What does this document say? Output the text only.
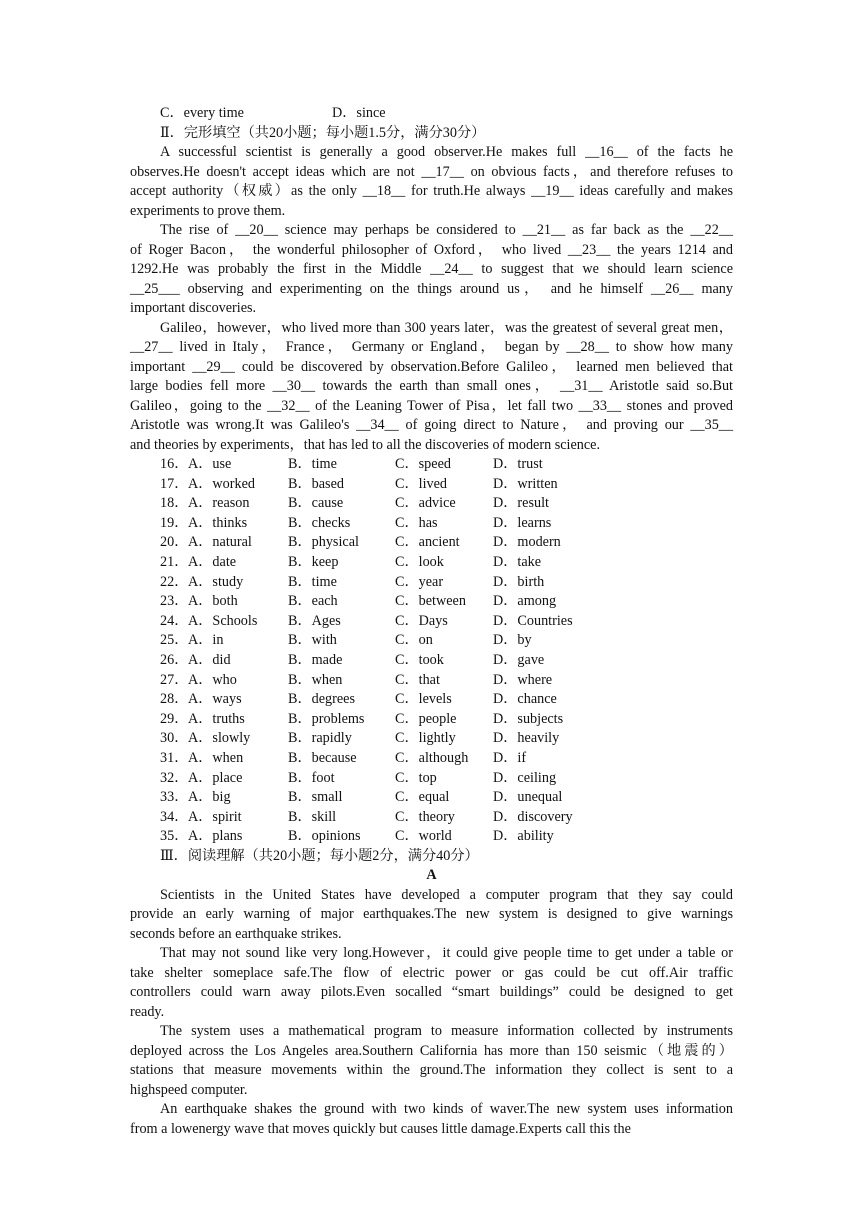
C．every time	D．since
Ⅱ．完形填空（共20小题；每小题1.5分，满分30分）
A successful scientist is generally a good observer.He makes full __16__ of the facts he
observes.He doesn't accept ideas which are not __17__ on obvious facts，and therefore refuses to
accept authority（权威）as the only __18__ for truth.He always __19__ ideas carefully and makes
experiments to prove them.
The rise of __20__ science may perhaps be considered to __21__ as far back as the __22__
of Roger Bacon， the wonderful philosopher of Oxford， who lived __23__ the years 1214 and
1292.He was probably the first in the Middle __24__ to suggest that we should learn science
__25___ observing and experimenting on the things around us， and he himself __26__ many
important discoveries.
Galileo，however，who lived more than 300 years later，was the greatest of several great men，
__27__ lived in Italy， France， Germany or England， began by __28__ to show how many
important __29__ could be discovered by observation.Before Galileo， learned men believed that
large bodies fell more __30__ towards the earth than small ones， __31__ Aristotle said so.But
Galileo，going to the __32__ of the Leaning Tower of Pisa，let fall two __33__ stones and proved
Aristotle was wrong.It was Galileo's __34__ of going direct to Nature， and proving our __35__
and theories by experiments，that has led to all the discoveries of modern science.
16． A．use	B．time	C．speed	D．trust
17． A．worked B．based	C．lived	D．written
18． A．reason	B．cause	C．advice	D．result
19． A．thinks	B．checks	C．has	D．learns
20． A．natural	B．physical	C．ancient D．modern
21． A．date	B．keep	C．look	D．take
22． A．study	B．time	C．year	D．birth
23． A．both	B．each	C．between D．among
24． A．Schools B．Ages	C．Days	D．Countries
25． A．in	B．with	C．on	D．by
26． A．did	B．made	C．took	D．gave
27． A．who	B．when	C．that	D．where
28． A．ways	B．degrees	C．levels	D．chance
29． A．truths	B．problems C．people	D．subjects
30． A．slowly	B．rapidly	C．lightly	D．heavily
31． A．when	B．because	C．although D．if
32． A．place	B．foot	C．top	D．ceiling
33． A．big	B．small	C．equal	D．unequal
34． A．spirit	B．skill	C．theory	D．discovery
35． A．plans	B．opinions C．world	D．ability
Ⅲ．阅读理解（共20小题；每小题2分，满分40分）
A
Scientists in the United States have developed a computer program that they say could
provide an early warning of major earthquakes.The new system is designed to give warnings
seconds before an earthquake strikes.
That may not sound like very long.However，it could give people time to get under a table or
take shelter someplace safe.The flow of electric power or gas could be cut off.Air traffic
controllers could warn away pilots.Even socalled “smart buildings” could be designed to get
ready.
The system uses a mathematical program to measure information collected by instruments
deployed across the Los Angeles area.Southern California has more than 150 seismic（地震的）
stations that measure movements within the ground.The information they collect is sent to a
highspeed computer.
An earthquake shakes the ground with two kinds of waver.The new system uses information
from a lowenergy wave that moves quickly but causes little damage.Experts call this the
